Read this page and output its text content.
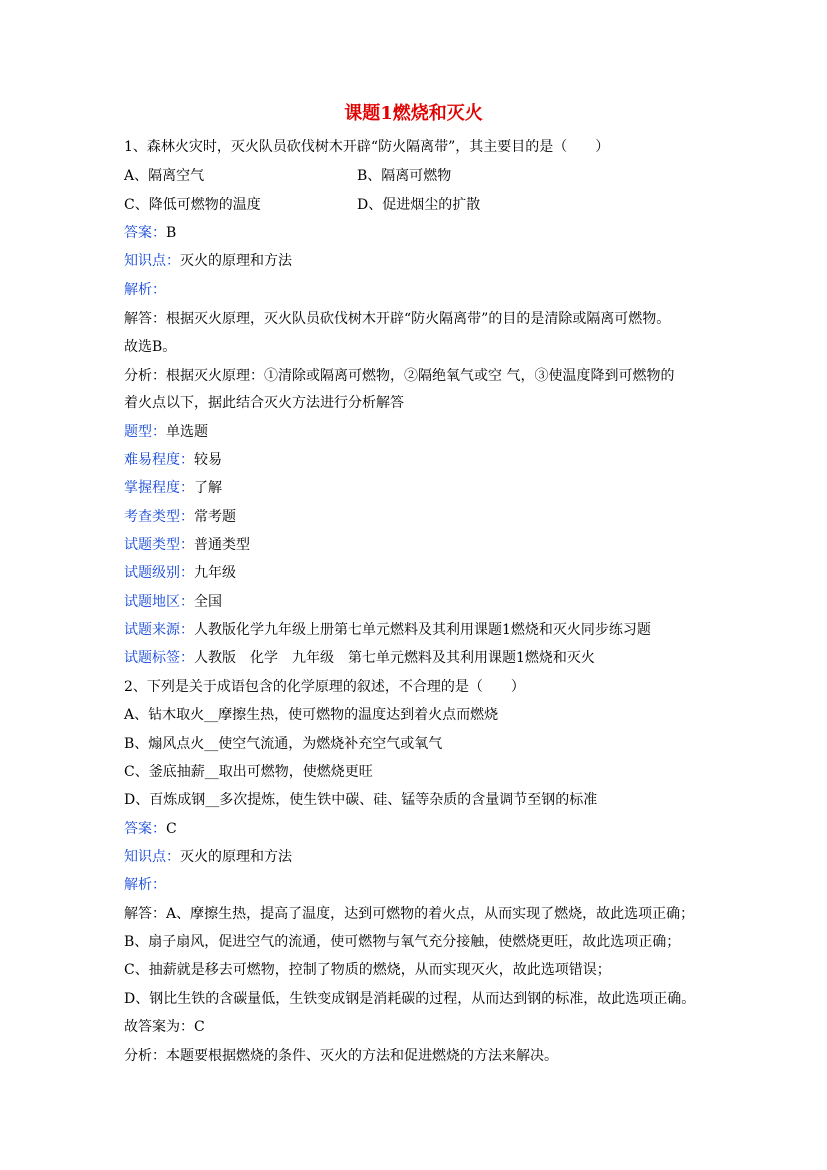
课题1燃烧和灭火
1、森林火灾时，灭火队员砍伐树木开辟“防火隔离带”，其主要目的是（　　）
A、隔离空气	B、隔离可燃物
C、降低可燃物的温度	D、促进烟尘的扩散
答案：B
知识点：灭火的原理和方法
解析：
解答：根据灭火原理，灭火队员砍伐树木开辟“防火隔离带”的目的是清除或隔离可燃物。
故选B。
分析：根据灭火原理：①清除或隔离可燃物，②隔绝氧气或空 气，③使温度降到可燃物的
着火点以下，据此结合灭火方法进行分析解答
题型：单选题
难易程度：较易
掌握程度：了解
考查类型：常考题
试题类型：普通类型
试题级别：九年级
试题地区：全国
试题来源：人教版化学九年级上册第七单元燃料及其利用课题1燃烧和灭火同步练习题
试题标签：人教版　化学　九年级　第七单元燃料及其利用课题1燃烧和灭火
2、下列是关于成语包含的化学原理的叙述，不合理的是（　　）
A、钻木取火__摩擦生热，使可燃物的温度达到着火点而燃烧
B、煽风点火__使空气流通，为燃烧补充空气或氧气
C、釜底抽薪__取出可燃物，使燃烧更旺
D、百炼成钢__多次提炼，使生铁中碳、硅、锰等杂质的含量调节至钢的标准
答案：C
知识点：灭火的原理和方法
解析：
解答：A、摩擦生热，提高了温度，达到可燃物的着火点，从而实现了燃烧，故此选项正确；
B、扇子扇风，促进空气的流通，使可燃物与氧气充分接触，使燃烧更旺，故此选项正确；
C、抽薪就是移去可燃物，控制了物质的燃烧，从而实现灭火，故此选项错误；
D、钢比生铁的含碳量低，生铁变成钢是消耗碳的过程，从而达到钢的标准，故此选项正确。
故答案为：C
分析：本题要根据燃烧的条件、灭火的方法和促进燃烧的方法来解决。
